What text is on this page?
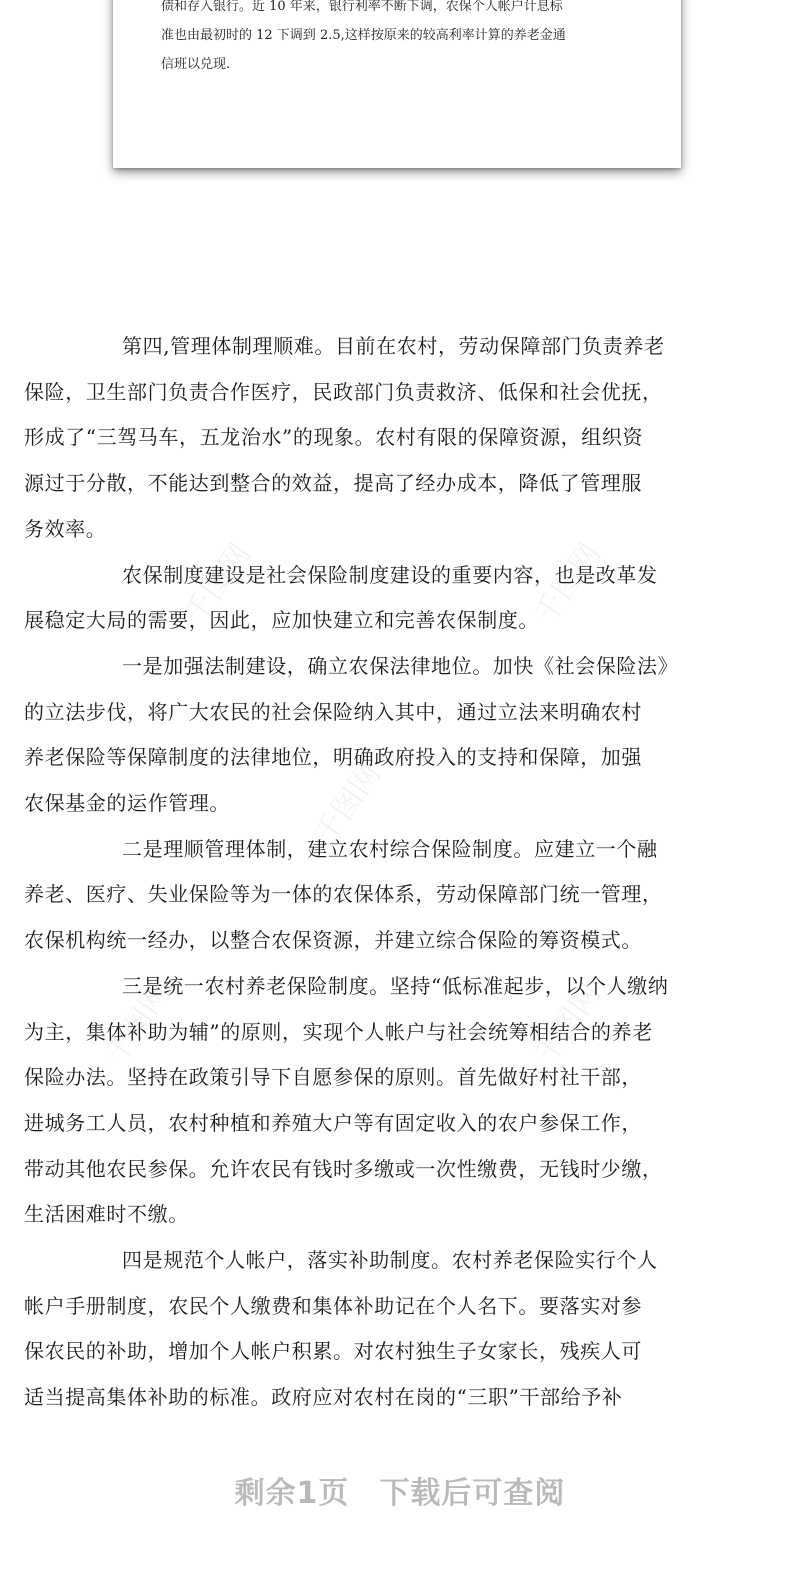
债和存入银行。近 10 年来，银行利率不断下调，农保个人帐户计息标

准也由最初时的 12 下调到 2.5,这样按原来的较高利率计算的养老金通

信班以兑现.

千图网	千图网
千图网
千图网	千图网
第四,管理体制理顺难。目前在农村，劳动保障部门负责养老
保险，卫生部门负责合作医疗，民政部门负责救济、低保和社会优抚，
形成了“三驾马车，五龙治水”的现象。农村有限的保障资源，组织资
源过于分散，不能达到整合的效益，提高了经办成本，降低了管理服
务效率。
农保制度建设是社会保险制度建设的重要内容，也是改革发
展稳定大局的需要，因此，应加快建立和完善农保制度。
一是加强法制建设，确立农保法律地位。加快《社会保险法》
的立法步伐，将广大农民的社会保险纳入其中，通过立法来明确农村
养老保险等保障制度的法律地位，明确政府投入的支持和保障，加强
农保基金的运作管理。
二是理顺管理体制，建立农村综合保险制度。应建立一个融
养老、医疗、失业保险等为一体的农保体系，劳动保障部门统一管理，
农保机构统一经办，以整合农保资源，并建立综合保险的筹资模式。
三是统一农村养老保险制度。坚持“低标准起步，以个人缴纳
为主，集体补助为辅”的原则，实现个人帐户与社会统筹相结合的养老
保险办法。坚持在政策引导下自愿参保的原则。首先做好村社干部，
进城务工人员，农村种植和养殖大户等有固定收入的农户参保工作，
带动其他农民参保。允许农民有钱时多缴或一次性缴费，无钱时少缴，
生活困难时不缴。
四是规范个人帐户，落实补助制度。农村养老保险实行个人
帐户手册制度，农民个人缴费和集体补助记在个人名下。要落实对参
保农民的补助，增加个人帐户积累。对农村独生子女家长，残疾人可
适当提高集体补助的标准。政府应对农村在岗的“三职”干部给予补
剩余1页 下载后可查阅
